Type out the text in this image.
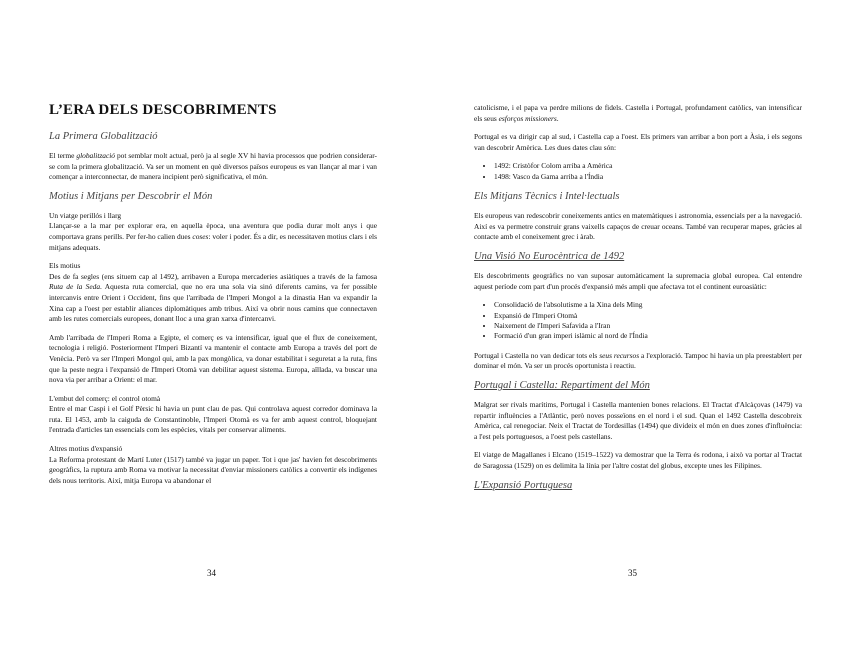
L’ERA DELS DESCOBRIMENTS
La Primera Globalització

El terme globalització pot semblar molt actual, però ja al segle XV hi havia processos que podrien considerar-se com la primera globalització. Va ser un moment en què diversos països europeus es van llançar al mar i van començar a interconnectar, de manera incipient però significativa, el món.

Motius i Mitjans per Descobrir el Món
Un viatge perillós i llarg

Llançar-se a la mar per explorar era, en aquella època, una aventura que podia durar molt anys i que comportava grans perills. Per fer-ho calien dues coses: voler i poder. És a dir, es necessitaven motius clars i els mitjans adequats.

Els motius

Des de fa segles (ens situem cap al 1492), arribaven a Europa mercaderies asiàtiques a través de la famosa Ruta de la Seda. Aquesta ruta comercial, que no era una sola via sinó diferents camins, va fer possible intercanvis entre Orient i Occident, fins que l'arribada de l'Imperi Mongol a la dinastia Han va expandir la Xina cap a l'oest per establir aliances diplomàtiques amb tribus. Així va obrir nous camins que connectaven amb les rutes comercials europees, donant lloc a una gran xarxa d'intercanvi.

Amb l'arribada de l'Imperi Roma a Egipte, el comerç es va intensificar, igual que el flux de coneixement, tecnologia i religió. Posteriorment l'Imperi Bizantí va mantenir el contacte amb Europa a través del port de Venècia. Però va ser l'Imperi Mongol qui, amb la pax mongòlica, va donar estabilitat i seguretat a la ruta, fins que la peste negra i l'expansió de l'Imperi Otomà van debilitar aquest sistema. Europa, aïllada, va buscar una nova via per arribar a Orient: el mar.

L'embut del comerç: el control otomà

Entre el mar Caspi i el Golf Pèrsic hi havia un punt clau de pas. Qui controlava aquest corredor dominava la ruta. El 1453, amb la caiguda de Constantinoble, l'Imperi Otomà es va fer amb aquest control, bloquejant l'entrada d'articles tan essencials com les espècies, vitals per conservar aliments.

Altres motius d'expansió

La Reforma protestant de Martí Luter (1517) també va jugar un paper. Tot i que jas' havien fet descobriments geogràfics, la ruptura amb Roma va motivar la necessitat d'enviar missioners catòlics a convertir els indígenes dels nous territoris. Així, mitja Europa va abandonar el

34

catolicisme, i el papa va perdre milions de fidels. Castella i Portugal, profundament catòlics, van intensificar els seus esforços missioners.

Portugal es va dirigir cap al sud, i Castella cap a l'oest. Els primers van arribar a bon port a Àsia, i els segons van descobrir Amèrica. Les dues dates clau són:

• 1492: Cristòfor Colom arriba a Amèrica
• 1498: Vasco da Gama arriba a l'Índia
Els Mitjans Tècnics i Intel·lectuals

Els europeus van redescobrir coneixements antics en matemàtiques i astronomia, essencials per a la navegació. Així es va permetre construir grans vaixells capaços de creuar oceans. També van recuperar mapes, gràcies al contacte amb el coneixement grec i àrab.

Una Visió No Eurocèntrica de 1492

Els descobriments geogràfics no van suposar automàticament la supremacia global europea. Cal entendre aquest període com part d'un procés d'expansió més ampli que afectava tot el continent euroasiàtic:

• Consolidació de l'absolutisme a la Xina dels Ming
• Expansió de l'Imperi Otomà
• Naixement de l'Imperi Safavida a l'Iran
• Formació d'un gran imperi islàmic al nord de l'Índia

Portugal i Castella no van dedicar tots els seus recursos a l'exploració. Tampoc hi havia un pla preestablert per dominar el món. Va ser un procés oportunista i reactiu.

Portugal i Castella: Repartiment del Món

Malgrat ser rivals marítims, Portugal i Castella mantenien bones relacions. El Tractat d'Alcàçovas (1479) va repartir influències a l'Atlàntic, però noves posseïons en el nord i el sud. Quan el 1492 Castella descobreix Amèrica, cal renegociar. Neix el Tractat de Tordesillas (1494) que divideix el món en dues zones d'influència: a l'est pels portuguesos, a l'oest pels castellans.

El viatge de Magallanes i Elcano (1519–1522) va demostrar que la Terra és rodona, i això va portar al Tractat de Saragossa (1529) on es delimita la línia per l'altre costat del globus, excepte unes les Filipines.

L'Expansió Portuguesa
35
